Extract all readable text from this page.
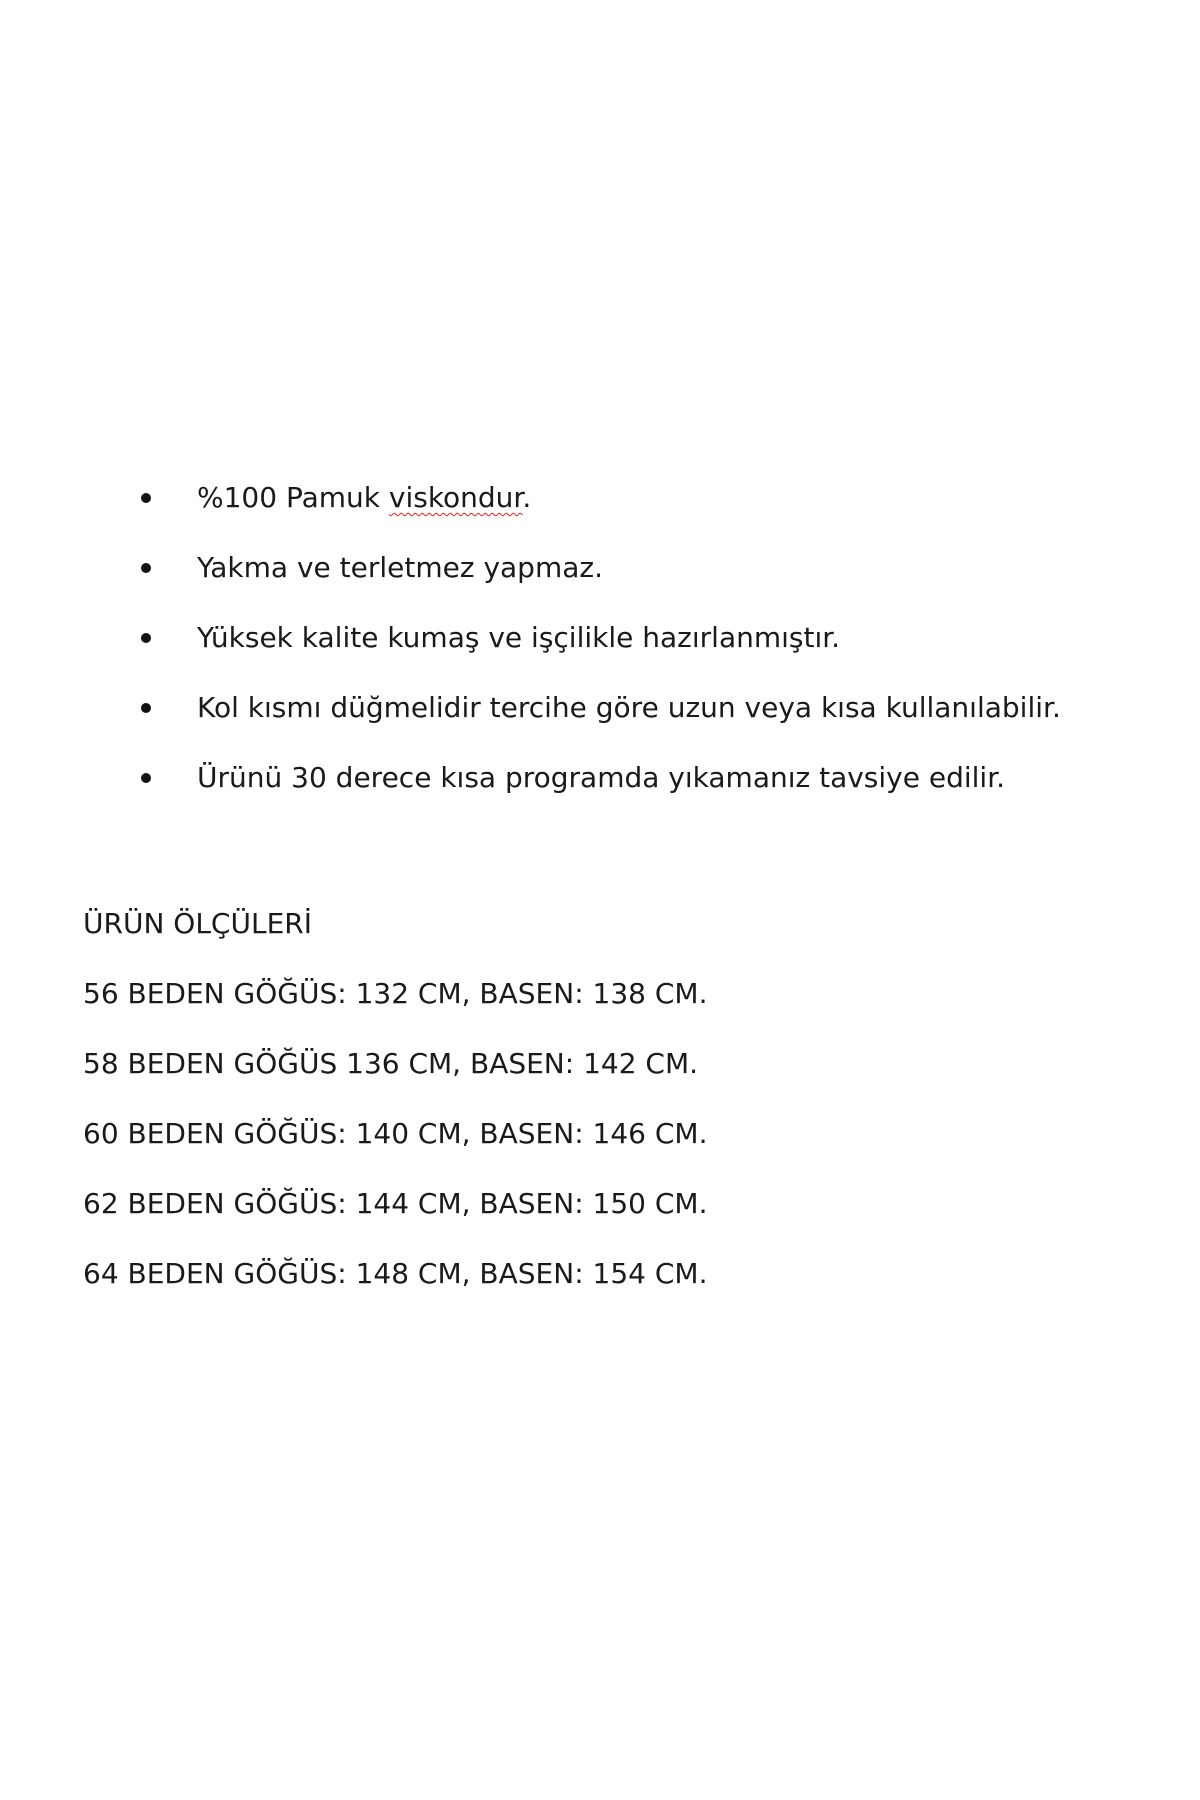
%100 Pamuk viskondur.
Yakma ve terletmez yapmaz.
Yüksek kalite kumaş ve işçilikle hazırlanmıştır.
Kol kısmı düğmelidir tercihe göre uzun veya kısa kullanılabilir.
Ürünü 30 derece kısa programda yıkamanız tavsiye edilir.
ÜRÜN ÖLÇÜLERİ
56 BEDEN GÖĞÜS: 132 CM, BASEN: 138 CM.
58 BEDEN GÖĞÜS 136 CM, BASEN: 142 CM.
60 BEDEN GÖĞÜS: 140 CM, BASEN: 146 CM.
62 BEDEN GÖĞÜS: 144 CM, BASEN: 150 CM.
64 BEDEN GÖĞÜS: 148 CM, BASEN: 154 CM.
